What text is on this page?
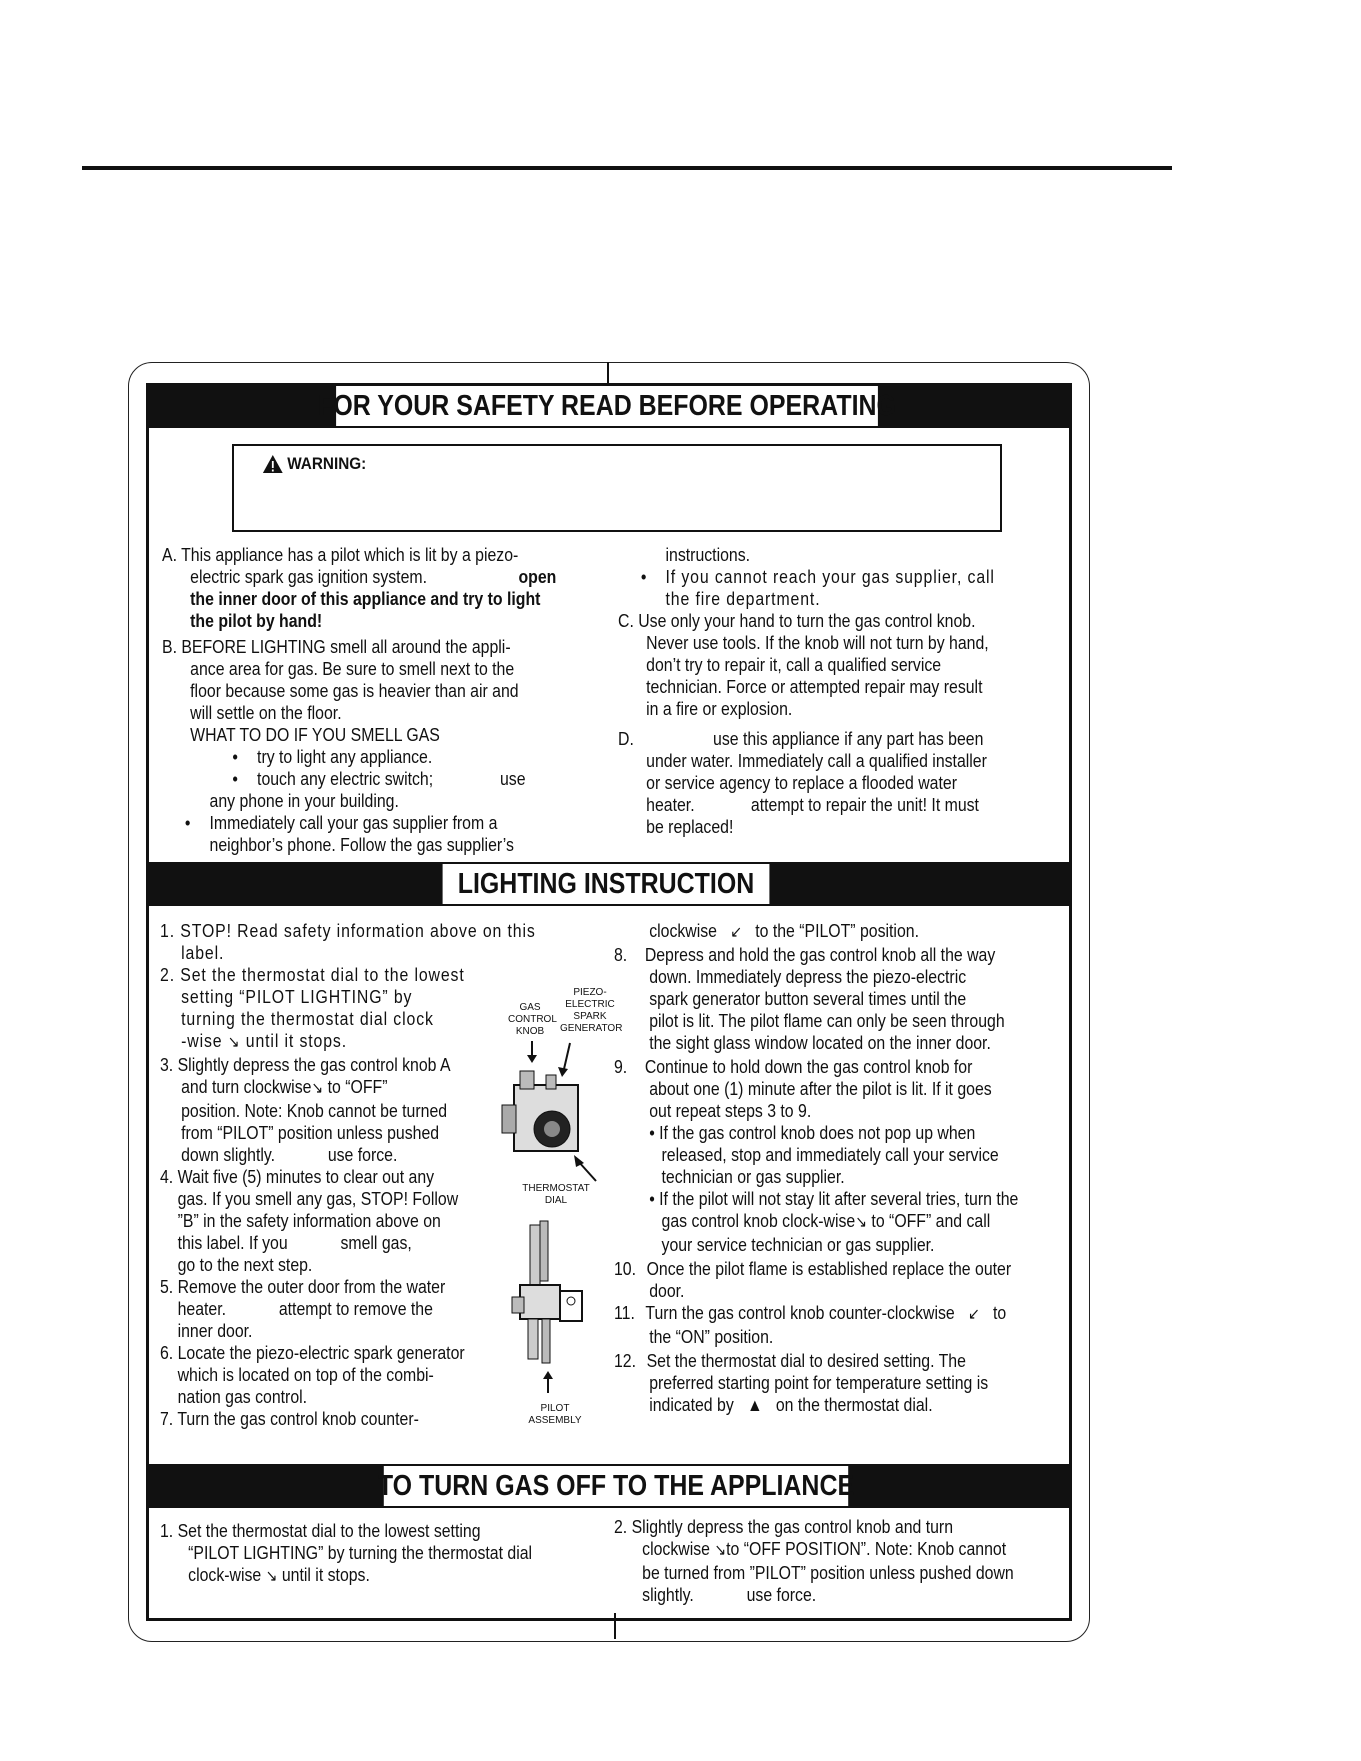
FOR YOUR SAFETY READ BEFORE OPERATING
WARNING:
A. This appliance has a pilot which is lit by a piezo-
electric spark gas ignition system.	open
the inner door of this appliance and try to light
the pilot by hand!
B. BEFORE LIGHTING smell all around the appli-
ance area for gas. Be sure to smell next to the
floor because some gas is heavier than air and
will settle on the floor.
WHAT TO DO IF YOU SMELL GAS
• try to light any appliance.
• touch any electric switch;	use
any phone in your building.
• Immediately call your gas supplier from a
neighbor’s phone. Follow the gas supplier’s
instructions.
• If you cannot reach your gas supplier, call
the fire department.
C. Use only your hand to turn the gas control knob.
Never use tools. If the knob will not turn by hand,
don’t try to repair it, call a qualified service
technician. Force or attempted repair may result
in a fire or explosion.
D.	use this appliance if any part has been
under water. Immediately call a qualified installer
or service agency to replace a flooded water
heater.	attempt to repair the unit! It must
be replaced!
LIGHTING INSTRUCTION
1. STOP! Read safety information above on this
label.
2. Set the thermostat dial to the lowest
setting “PILOT LIGHTING” by
turning the thermostat dial clock
-wise ↘ until it stops.
3. Slightly depress the gas control knob A
and turn clockwise↘ to “OFF”
position. Note: Knob cannot be turned
from “PILOT” position unless pushed
down slightly.	use force.
4. Wait five (5) minutes to clear out any
gas. If you smell any gas, STOP! Follow
”B” in the safety information above on
this label. If you	smell gas,
go to the next step.
5. Remove the outer door from the water
heater.	attempt to remove the
inner door.
6. Locate the piezo-electric spark generator
which is located on top of the combi-
nation gas control.
7. Turn the gas control knob counter-
GAS
CONTROL
KNOB
PIEZO-
ELECTRIC
SPARK
GENERATOR
THERMOSTAT
DIAL
PILOT
ASSEMBLY
clockwise ↙ to the “PILOT” position.
8. Depress and hold the gas control knob all the way
down. Immediately depress the piezo-electric
spark generator button several times until the
pilot is lit. The pilot flame can only be seen through
the sight glass window located on the inner door.
9. Continue to hold down the gas control knob for
about one (1) minute after the pilot is lit. If it goes
out repeat steps 3 to 9.
• If the gas control knob does not pop up when
released, stop and immediately call your service
technician or gas supplier.
• If the pilot will not stay lit after several tries, turn the
gas control knob clock-wise↘ to “OFF” and call
your service technician or gas supplier.
10. Once the pilot flame is established replace the outer
door.
11. Turn the gas control knob counter-clockwise ↙ to
the “ON” position.
12. Set the thermostat dial to desired setting. The
preferred starting point for temperature setting is
indicated by ▲ on the thermostat dial.
TO TURN GAS OFF TO THE APPLIANCE
1. Set the thermostat dial to the lowest setting
“PILOT LIGHTING” by turning the thermostat dial
clock-wise ↘ until it stops.
2. Slightly depress the gas control knob and turn
clockwise ↘to “OFF POSITION”. Note: Knob cannot
be turned from ”PILOT” position unless pushed down
slightly.	use force.
